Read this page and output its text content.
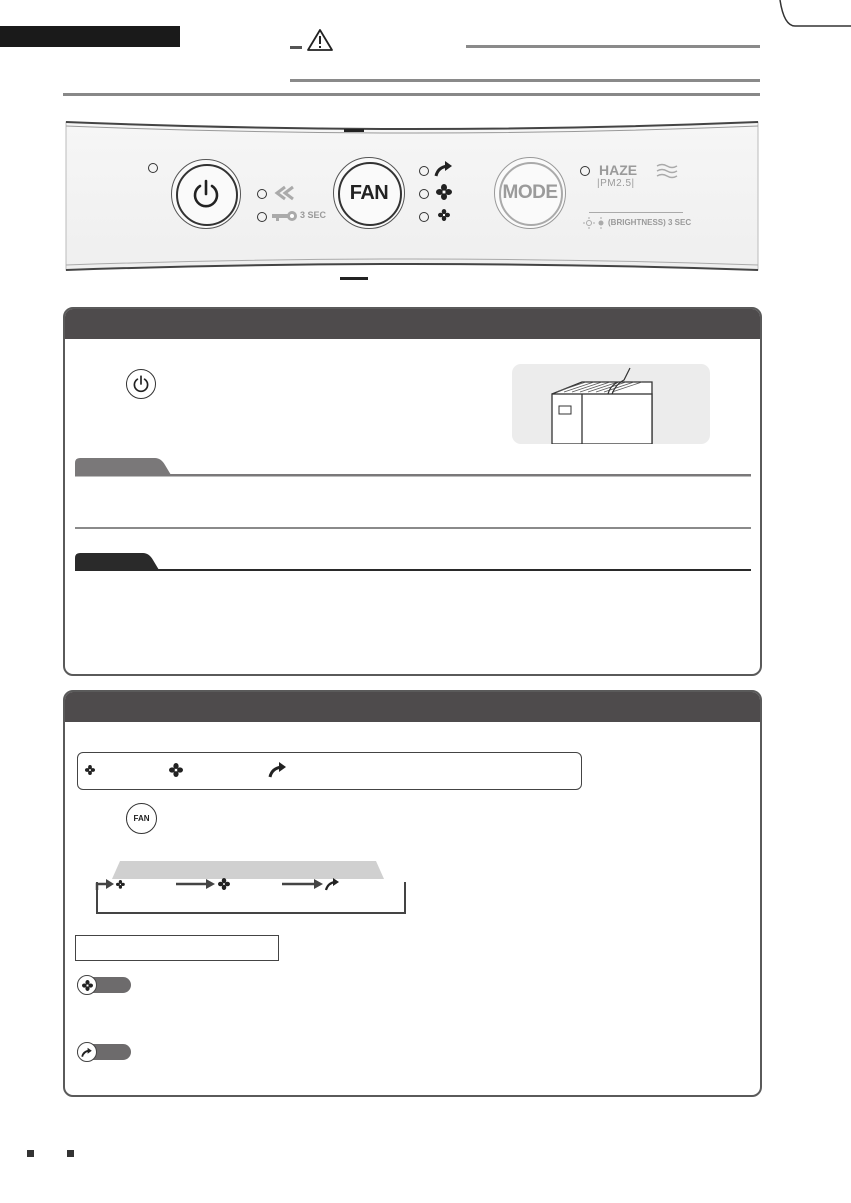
3 SEC
FAN	MODE
HAZE
|PM2.5|
(BRIGHTNESS) 3 SEC
FAN
